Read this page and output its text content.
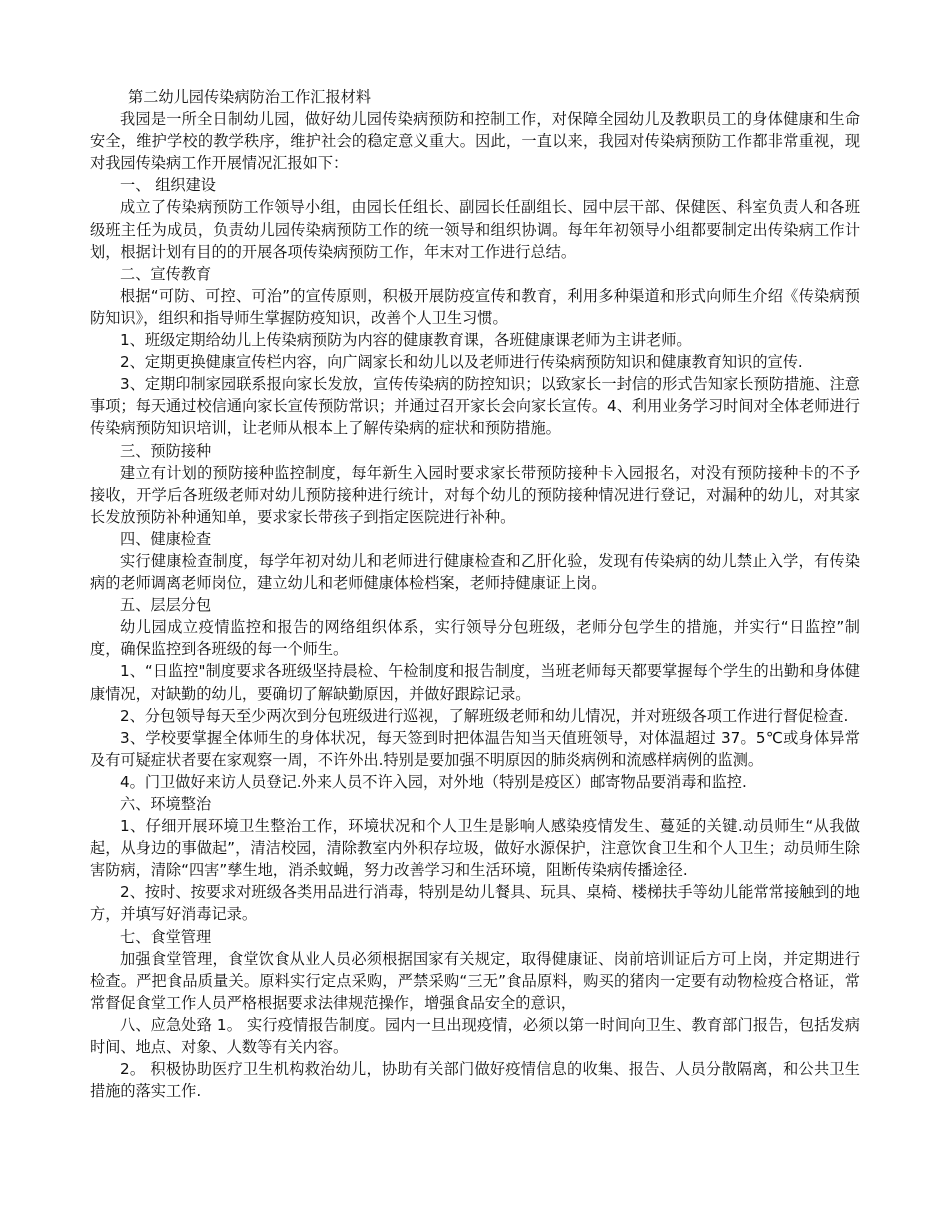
第二幼儿园传染病防治工作汇报材料
我园是一所全日制幼儿园，做好幼儿园传染病预防和控制工作，对保障全园幼儿及教职员工的身体健康和生命安全，维护学校的教学秩序，维护社会的稳定意义重大。因此，一直以来，我园对传染病预防工作都非常重视，现对我园传染病工作开展情况汇报如下：
一、 组织建设
成立了传染病预防工作领导小组，由园长任组长、副园长任副组长、园中层干部、保健医、科室负责人和各班级班主任为成员，负责幼儿园传染病预防工作的统一领导和组织协调。每年年初领导小组都要制定出传染病工作计划，根据计划有目的的开展各项传染病预防工作，年末对工作进行总结。
二、宣传教育
根据“可防、可控、可治”的宣传原则，积极开展防疫宣传和教育，利用多种渠道和形式向师生介绍《传染病预防知识》，组织和指导师生掌握防疫知识，改善个人卫生习惯。
1、班级定期给幼儿上传染病预防为内容的健康教育课，各班健康课老师为主讲老师。
2、定期更换健康宣传栏内容，向广阔家长和幼儿以及老师进行传染病预防知识和健康教育知识的宣传.
3、定期印制家园联系报向家长发放，宣传传染病的防控知识；以致家长一封信的形式告知家长预防措施、注意事项；每天通过校信通向家长宣传预防常识；并通过召开家长会向家长宣传。4、利用业务学习时间对全体老师进行传染病预防知识培训，让老师从根本上了解传染病的症状和预防措施。
三、预防接种
建立有计划的预防接种监控制度，每年新生入园时要求家长带预防接种卡入园报名，对没有预防接种卡的不予接收，开学后各班级老师对幼儿预防接种进行统计，对每个幼儿的预防接种情况进行登记，对漏种的幼儿，对其家长发放预防补种通知单，要求家长带孩子到指定医院进行补种。
四、健康检查
实行健康检查制度，每学年初对幼儿和老师进行健康检查和乙肝化验，发现有传染病的幼儿禁止入学，有传染病的老师调离老师岗位，建立幼儿和老师健康体检档案，老师持健康证上岗。
五、层层分包
幼儿园成立疫情监控和报告的网络组织体系，实行领导分包班级，老师分包学生的措施，并实行“日监控”制度，确保监控到各班级的每一个师生。
1、“日监控"制度要求各班级坚持晨检、午检制度和报告制度，当班老师每天都要掌握每个学生的出勤和身体健康情况，对缺勤的幼儿，要确切了解缺勤原因，并做好跟踪记录。
2、分包领导每天至少两次到分包班级进行巡视，了解班级老师和幼儿情况，并对班级各项工作进行督促检查.
3、学校要掌握全体师生的身体状况，每天签到时把体温告知当天值班领导，对体温超过 37。5℃或身体异常及有可疑症状者要在家观察一周，不许外出.特别是要加强不明原因的肺炎病例和流感样病例的监测。
4。门卫做好来访人员登记.外来人员不许入园，对外地（特别是疫区）邮寄物品要消毒和监控.
六、环境整治
1、仔细开展环境卫生整治工作，环境状况和个人卫生是影响人感染疫情发生、蔓延的关键.动员师生“从我做起，从身边的事做起”，清洁校园，清除教室内外积存垃圾，做好水源保护，注意饮食卫生和个人卫生；动员师生除害防病，清除“四害”孳生地，消杀蚊蝇，努力改善学习和生活环境，阻断传染病传播途径.
2、按时、按要求对班级各类用品进行消毒，特别是幼儿餐具、玩具、桌椅、楼梯扶手等幼儿能常常接触到的地方，并填写好消毒记录。
七、食堂管理
加强食堂管理，食堂饮食从业人员必须根据国家有关规定，取得健康证、岗前培训证后方可上岗，并定期进行检查。严把食品质量关。原料实行定点采购，严禁采购“三无”食品原料，购买的猪肉一定要有动物检疫合格证，常常督促食堂工作人员严格根据要求法律规范操作，增强食品安全的意识，
八、应急处臵 1。 实行疫情报告制度。园内一旦出现疫情，必须以第一时间向卫生、教育部门报告，包括发病时间、地点、对象、人数等有关内容。
2。 积极协助医疗卫生机构救治幼儿，协助有关部门做好疫情信息的收集、报告、人员分散隔离，和公共卫生措施的落实工作.
